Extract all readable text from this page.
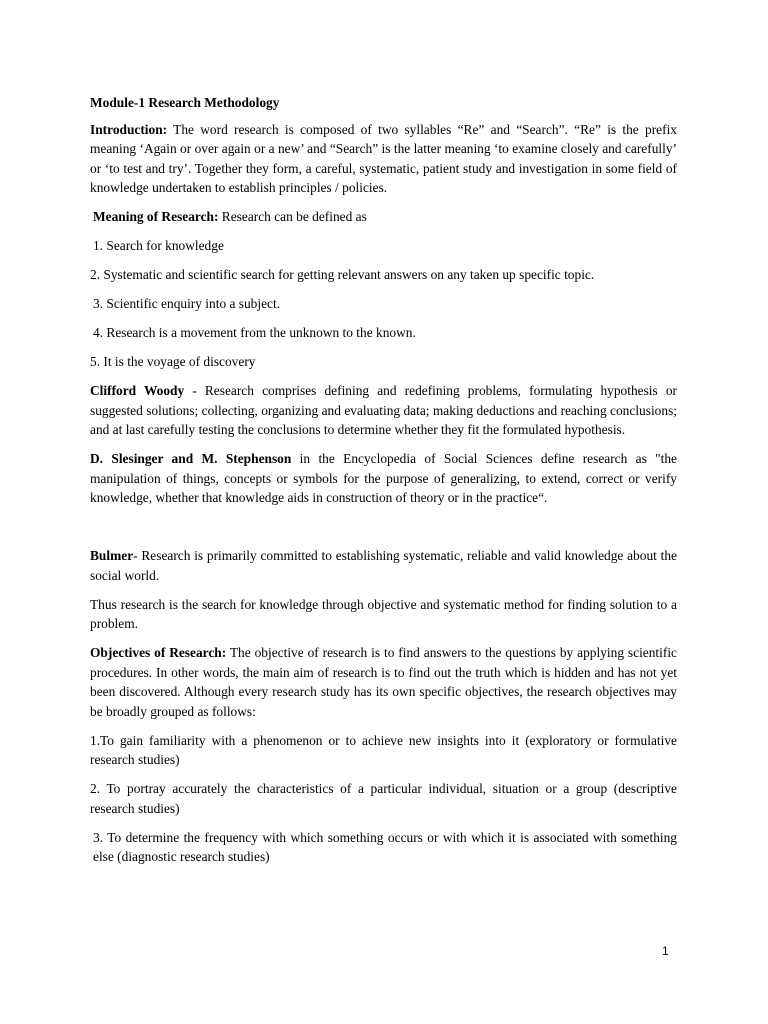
Module-1 Research Methodology

Introduction: The word research is composed of two syllables “Re” and “Search”. “Re” is the prefix meaning ‘Again or over again or a new’ and “Search” is the latter meaning ‘to examine closely and carefully’ or ‘to test and try’. Together they form, a careful, systematic, patient study and investigation in some field of knowledge undertaken to establish principles / policies.

Meaning of Research: Research can be defined as

1. Search for knowledge

2. Systematic and scientific search for getting relevant answers on any taken up specific topic.

3. Scientific enquiry into a subject.

4. Research is a movement from the unknown to the known.

5. It is the voyage of discovery

Clifford Woody - Research comprises defining and redefining problems, formulating hypothesis or suggested solutions; collecting, organizing and evaluating data; making deductions and reaching conclusions; and at last carefully testing the conclusions to determine whether they fit the formulated hypothesis.

D. Slesinger and M. Stephenson in the Encyclopedia of Social Sciences define research as "the manipulation of things, concepts or symbols for the purpose of generalizing, to extend, correct or verify knowledge, whether that knowledge aids in construction of theory or in the practice“.

Bulmer- Research is primarily committed to establishing systematic, reliable and valid knowledge about the social world.

Thus research is the search for knowledge through objective and systematic method for finding solution to a problem.

Objectives of Research: The objective of research is to find answers to the questions by applying scientific procedures. In other words, the main aim of research is to find out the truth which is hidden and has not yet been discovered. Although every research study has its own specific objectives, the research objectives may be broadly grouped as follows:

1.To gain familiarity with a phenomenon or to achieve new insights into it (exploratory or formulative research studies)

2. To portray accurately the characteristics of a particular individual, situation or a group (descriptive research studies)

3. To determine the frequency with which something occurs or with which it is associated with something else (diagnostic research studies)

1
